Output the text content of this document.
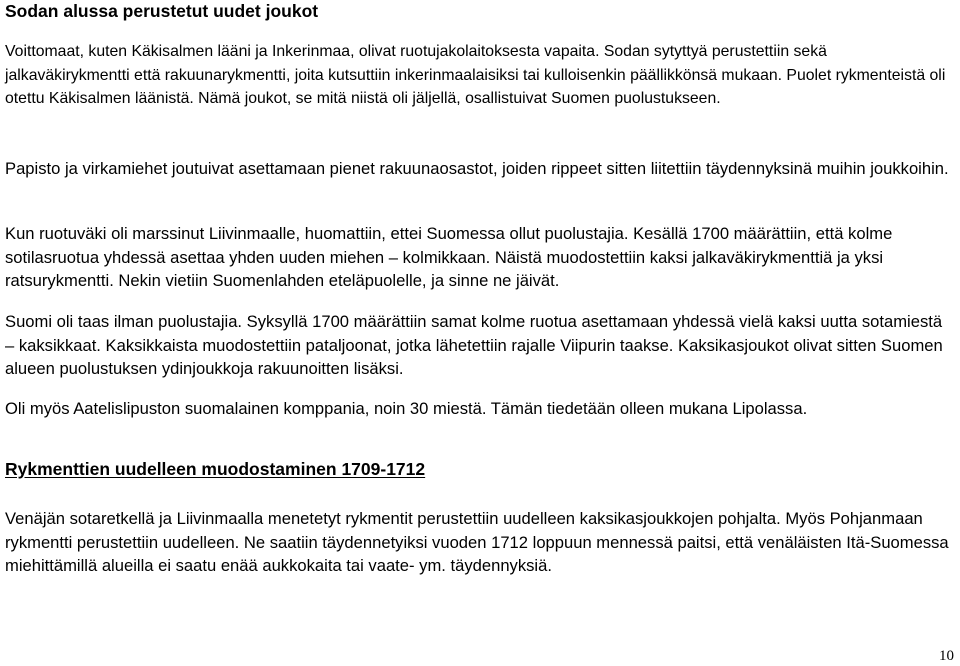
Sodan alussa perustetut uudet joukot

Voittomaat, kuten Käkisalmen lääni ja Inkerinmaa, olivat ruotujakolaitoksesta vapaita. Sodan sytyttyä perustettiin sekä jalkaväkirykmentti että rakuunarykmentti, joita kutsuttiin inkerinmaalaisiksi tai kulloisenkin päällikkönsä mukaan. Puolet rykmenteistä oli otettu Käkisalmen läänistä. Nämä joukot, se mitä niistä oli jäljellä, osallistuivat Suomen puolustukseen.

Papisto ja virkamiehet joutuivat asettamaan pienet rakuunaosastot, joiden rippeet sitten liitettiin täydennyksinä muihin joukkoihin.

Kun ruotuväki oli marssinut Liivinmaalle, huomattiin, ettei Suomessa ollut puolustajia. Kesällä 1700 määrättiin, että kolme sotilasruotua yhdessä asettaa yhden uuden miehen – kolmikkaan. Näistä muodostettiin kaksi jalkaväkirykmenttiä ja yksi ratsurykmentti. Nekin vietiin Suomenlahden eteläpuolelle, ja sinne ne jäivät.

Suomi oli taas ilman puolustajia. Syksyllä 1700 määrättiin samat kolme ruotua asettamaan yhdessä vielä kaksi uutta sotamiestä – kaksikkaat. Kaksikkaista muodostettiin pataljoonat, jotka lähetettiin rajalle Viipurin taakse. Kaksikasjoukot olivat sitten Suomen alueen puolustuksen ydinjoukkoja rakuunoitten lisäksi.

Oli myös Aatelislipuston suomalainen komppania, noin 30 miestä. Tämän tiedetään olleen mukana Lipolassa.

Rykmenttien uudelleen muodostaminen 1709-1712

Venäjän sotaretkellä ja Liivinmaalla menetetyt rykmentit perustettiin uudelleen kaksikasjoukkojen pohjalta. Myös Pohjanmaan rykmentti perustettiin uudelleen. Ne saatiin täydennetyiksi vuoden 1712 loppuun mennessä paitsi, että venäläisten Itä-Suomessa miehittämillä alueilla ei saatu enää aukkokaita tai vaate- ym. täydennyksiä.

10
